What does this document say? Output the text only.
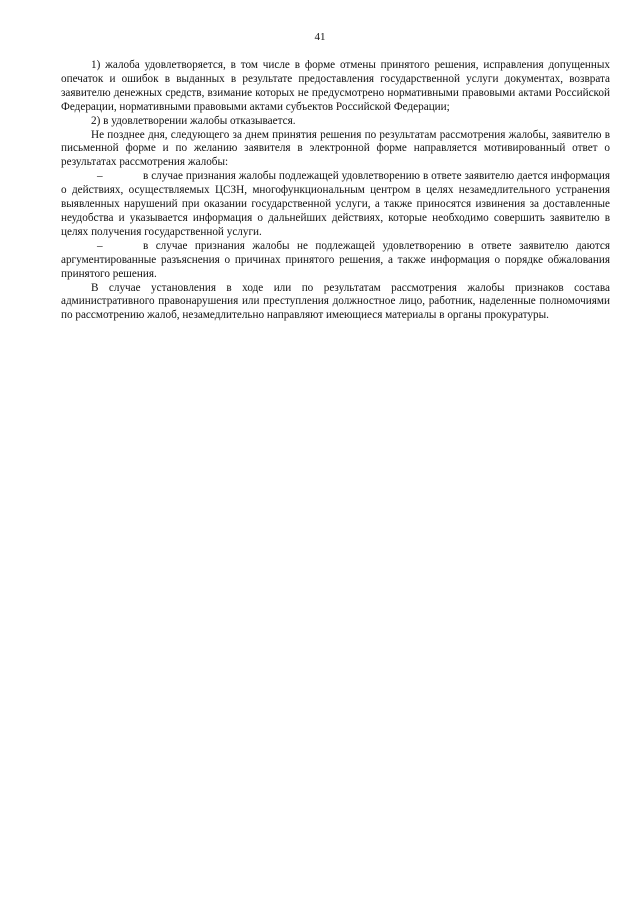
41

1) жалоба удовлетворяется, в том числе в форме отмены принятого решения, исправления допущенных опечаток и ошибок в выданных в результате предоставления государственной услуги документах, возврата заявителю денежных средств, взимание которых не предусмотрено нормативными правовыми актами Российской Федерации, нормативными правовыми актами субъектов Российской Федерации;

2) в удовлетворении жалобы отказывается.

Не позднее дня, следующего за днем принятия решения по результатам рассмотрения жалобы, заявителю в письменной форме и по желанию заявителя в электронной форме направляется мотивированный ответ о результатах рассмотрения жалобы:

–	в случае признания жалобы подлежащей удовлетворению в ответе заявителю дается информация о действиях, осуществляемых ЦСЗН, многофункциональным центром в целях незамедлительного устранения выявленных нарушений при оказании государственной услуги, а также приносятся извинения за доставленные неудобства и указывается информация о дальнейших действиях, которые необходимо совершить заявителю в целях получения государственной услуги.

–	в случае признания жалобы не подлежащей удовлетворению в ответе заявителю даются аргументированные разъяснения о причинах принятого решения, а также информация о порядке обжалования принятого решения.

В случае установления в ходе или по результатам рассмотрения жалобы признаков состава административного правонарушения или преступления должностное лицо, работник, наделенные полномочиями по рассмотрению жалоб, незамедлительно направляют имеющиеся материалы в органы прокуратуры.
